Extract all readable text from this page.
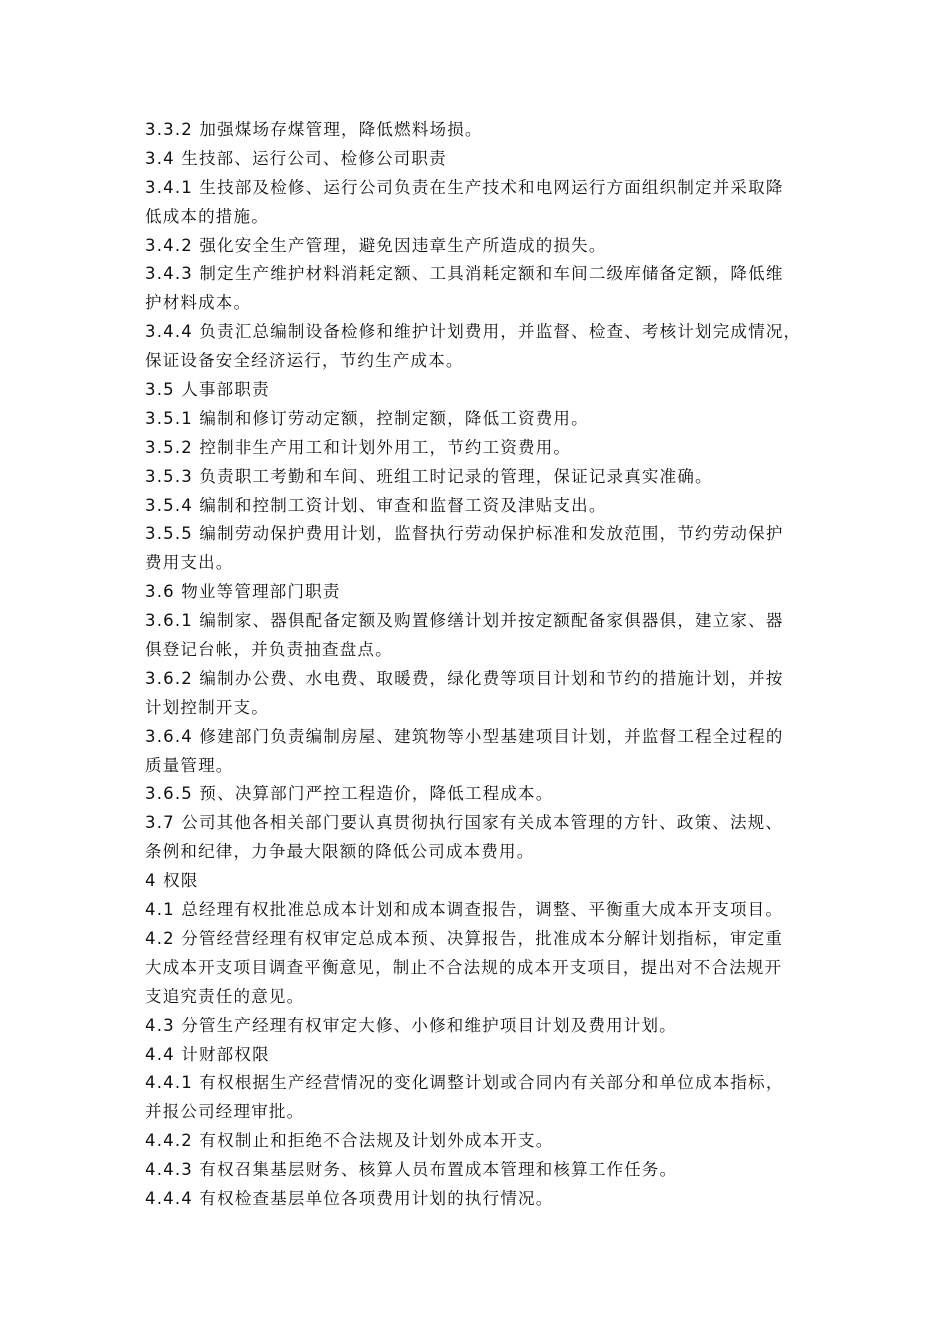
3.3.2 加强煤场存煤管理，降低燃料场损。
3.4 生技部、运行公司、检修公司职责
3.4.1 生技部及检修、运行公司负责在生产技术和电网运行方面组织制定并采取降
低成本的措施。
3.4.2 强化安全生产管理，避免因违章生产所造成的损失。
3.4.3 制定生产维护材料消耗定额、工具消耗定额和车间二级库储备定额，降低维
护材料成本。
3.4.4 负责汇总编制设备检修和维护计划费用，并监督、检查、考核计划完成情况，
保证设备安全经济运行，节约生产成本。
3.5 人事部职责
3.5.1 编制和修订劳动定额，控制定额，降低工资费用。
3.5.2 控制非生产用工和计划外用工，节约工资费用。
3.5.3 负责职工考勤和车间、班组工时记录的管理，保证记录真实准确。
3.5.4 编制和控制工资计划、审查和监督工资及津贴支出。
3.5.5 编制劳动保护费用计划，监督执行劳动保护标准和发放范围，节约劳动保护
费用支出。
3.6 物业等管理部门职责
3.6.1 编制家、器俱配备定额及购置修缮计划并按定额配备家俱器俱，建立家、器
俱登记台帐，并负责抽查盘点。
3.6.2 编制办公费、水电费、取暖费，绿化费等项目计划和节约的措施计划，并按
计划控制开支。
3.6.4 修建部门负责编制房屋、建筑物等小型基建项目计划，并监督工程全过程的
质量管理。
3.6.5 预、决算部门严控工程造价，降低工程成本。
3.7 公司其他各相关部门要认真贯彻执行国家有关成本管理的方针、政策、法规、
条例和纪律，力争最大限额的降低公司成本费用。
4 权限
4.1 总经理有权批准总成本计划和成本调查报告，调整、平衡重大成本开支项目。
4.2 分管经营经理有权审定总成本预、决算报告，批准成本分解计划指标，审定重
大成本开支项目调查平衡意见，制止不合法规的成本开支项目，提出对不合法规开
支追究责任的意见。
4.3 分管生产经理有权审定大修、小修和维护项目计划及费用计划。
4.4 计财部权限
4.4.1 有权根据生产经营情况的变化调整计划或合同内有关部分和单位成本指标，
并报公司经理审批。
4.4.2 有权制止和拒绝不合法规及计划外成本开支。
4.4.3 有权召集基层财务、核算人员布置成本管理和核算工作任务。
4.4.4 有权检查基层单位各项费用计划的执行情况。
